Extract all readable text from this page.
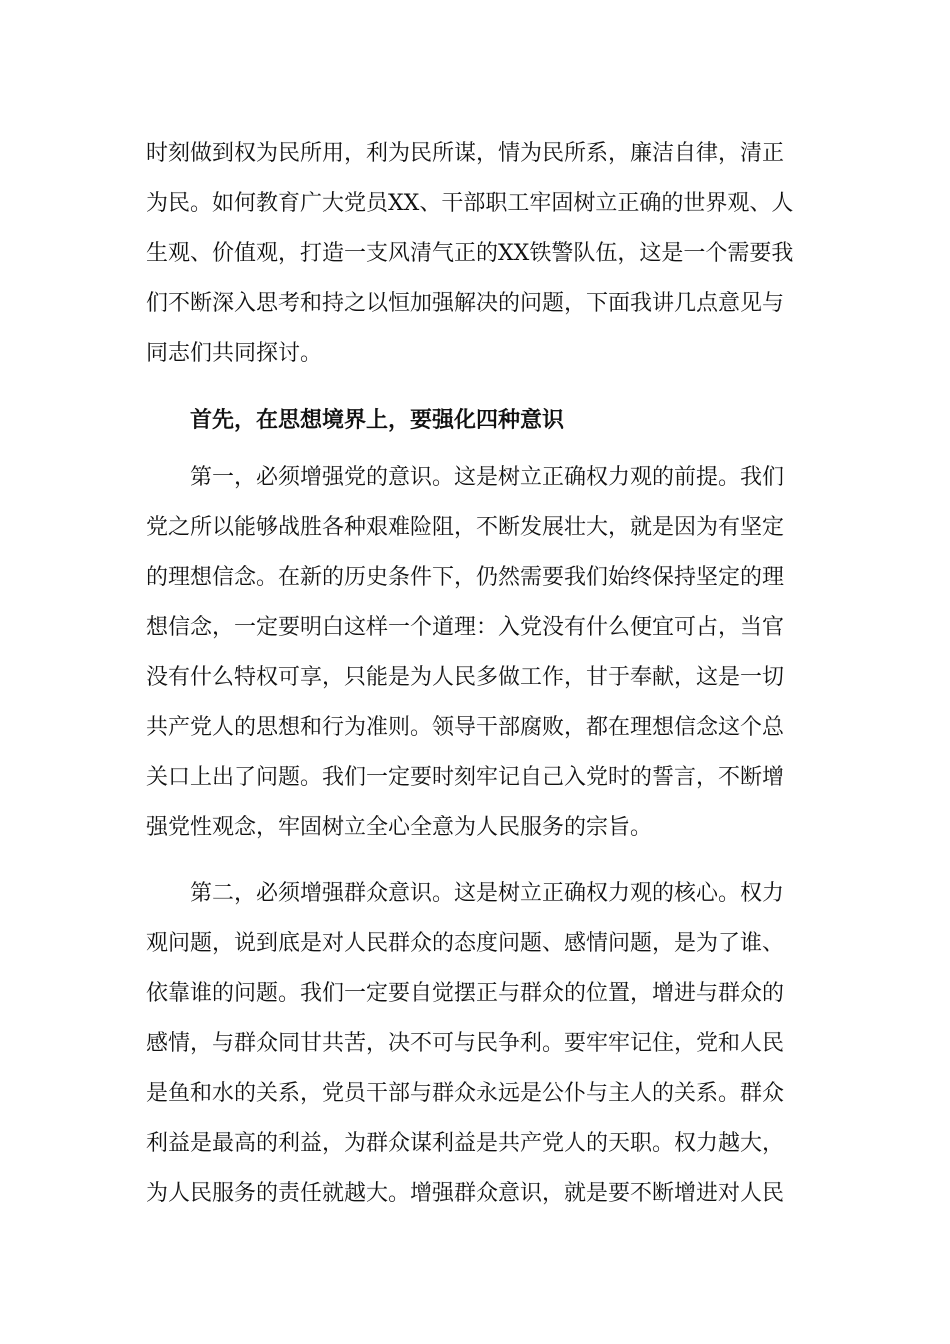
时刻做到权为民所用，利为民所谋，情为民所系，廉洁自律，清正
为民。如何教育广大党员XX、干部职工牢固树立正确的世界观、人
生观、价值观，打造一支风清气正的XX铁警队伍，这是一个需要我
们不断深入思考和持之以恒加强解决的问题，下面我讲几点意见与
同志们共同探讨。
首先，在思想境界上，要强化四种意识
第一，必须增强党的意识。这是树立正确权力观的前提。我们
党之所以能够战胜各种艰难险阻，不断发展壮大，就是因为有坚定
的理想信念。在新的历史条件下，仍然需要我们始终保持坚定的理
想信念，一定要明白这样一个道理：入党没有什么便宜可占，当官
没有什么特权可享，只能是为人民多做工作，甘于奉献，这是一切
共产党人的思想和行为准则。领导干部腐败，都在理想信念这个总
关口上出了问题。我们一定要时刻牢记自己入党时的誓言，不断增
强党性观念，牢固树立全心全意为人民服务的宗旨。
第二，必须增强群众意识。这是树立正确权力观的核心。权力
观问题，说到底是对人民群众的态度问题、感情问题，是为了谁、
依靠谁的问题。我们一定要自觉摆正与群众的位置，增进与群众的
感情，与群众同甘共苦，决不可与民争利。要牢牢记住，党和人民
是鱼和水的关系，党员干部与群众永远是公仆与主人的关系。群众
利益是最高的利益，为群众谋利益是共产党人的天职。权力越大，
为人民服务的责任就越大。增强群众意识，就是要不断增进对人民
